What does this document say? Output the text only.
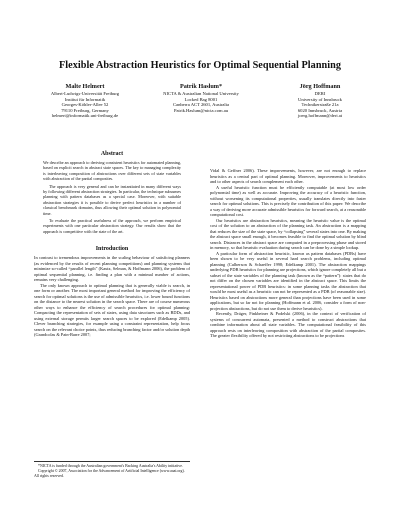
Flexible Abstraction Heuristics for Optimal Sequential Planning
Malte Helmert
Albert-Ludwigs-Universität Freiburg
Institut für Informatik
Georges-Köhler-Allee 52
79110 Freiburg, Germany
helmert@informatik.uni-freiburg.de
Patrik Haslum*
NICTA & Australian National University
Locked Bag 8001
Canberra ACT 2601, Australia
Patrik.Haslum@nicta.com.au
Jörg Hoffmann
DERI
University of Innsbruck
Technikerstraße 21a
6020 Innsbruck, Austria
joerg.hoffmann@deri.at
Abstract

We describe an approach to deriving consistent heuristics for automated planning, based on explicit search in abstract state spaces. The key to managing complexity is interleaving composition of abstractions over different sets of state variables with abstraction of the partial composites.

The approach is very general and can be instantiated in many different ways by following different abstraction strategies. In particular, the technique subsumes planning with pattern databases as a special case. Moreover, with suitable abstraction strategies it is possible to derive perfect heuristics in a number of classical benchmark domains, thus allowing their optimal solution in polynomial time.

To evaluate the practical usefulness of the approach, we perform empirical experiments with one particular abstraction strategy. Our results show that the approach is competitive with the state of the art.

Introduction

In contrast to tremendous improvements in the scaling behaviour of satisficing planners (as evidenced by the results of recent planning competitions) and planning systems that minimize so-called “parallel length” (Kautz, Selman, & Hoffmann 2006), the problem of optimal sequential planning, i.e. finding a plan with a minimal number of actions, remains very challenging.

The only known approach to optimal planning that is generally viable is search, in one form or another. The most important general method for improving the efficiency of search for optimal solutions is the use of admissible heuristics, i.e. lower bound functions on the distance to the nearest solution in the search space. There are of course numerous other ways to enhance the efficiency of search procedures for optimal planning: Compacting the representation of sets of states, using data structures such as BDDs, and using external storage permits larger search spaces to be explored (Edelkamp 2005). Clever branching strategies, for example using a constraint representation, help focus search on the relevant choice points, thus reducing branching factor and/or solution depth (Grandcolas & Pain-Barre 2007;

*NICTA is funded through the Australian government's Backing Australia's Ability initiative.

Copyright © 2007, Association for the Advancement of Artificial Intelligence (www.aaai.org). All rights reserved.

Vidal & Geffner 2006). These improvements, however, are not enough to replace heuristics as a central part of optimal planning. Moreover, improvements to heuristics and to other aspects of search complement each other.

A useful heuristic function must be efficiently computable (at most low order polynomial time) as well as accurate. Improving the accuracy of a heuristic function, without worsening its computational properties, usually translates directly into faster search for optimal solutions. This is precisely the contribution of this paper: We describe a way of deriving more accurate admissible heuristics for forward search, at a reasonable computational cost.

Our heuristics are abstraction heuristics, meaning the heuristic value is the optimal cost of the solution to an abstraction of the planning task. An abstraction is a mapping that reduces the size of the state space, by “collapsing” several states into one. By making the abstract space small enough, it becomes feasible to find the optimal solution by blind search. Distances in the abstract space are computed in a preprocessing phase and stored in memory, so that heuristic evaluation during search can be done by a simple lookup.

A particular form of abstraction heuristic, known as pattern databases (PDBs) have been shown to be very useful in several hard search problems, including optimal planning (Culberson & Schaeffer 1998; Edelkamp 2001). The abstraction mappings underlying PDB heuristics for planning are projections, which ignore completely all but a subset of the state variables of the planning task (known as the “pattern”): states that do not differ on the chosen variables are identified in the abstract space. This limits the representational power of PDB heuristics: in some planning tasks the abstraction that would be most useful as a heuristic can not be represented as a PDB (of reasonable size). Heuristics based on abstractions more general than projections have been used in some applications, but so far not for planning (Hoffmann et al. 2006, consider a form of non-projection abstractions, but do not use them to derive heuristics).

Recently, Dräger, Finkbeiner & Podelski (2006), in the context of verification of systems of concurrent automata, presented a method to construct abstractions that combine information about all state variables. The computational feasibility of this approach rests on interleaving composition with abstraction of the partial composites. The greater flexibility offered by not restricting abstractions to be projections
